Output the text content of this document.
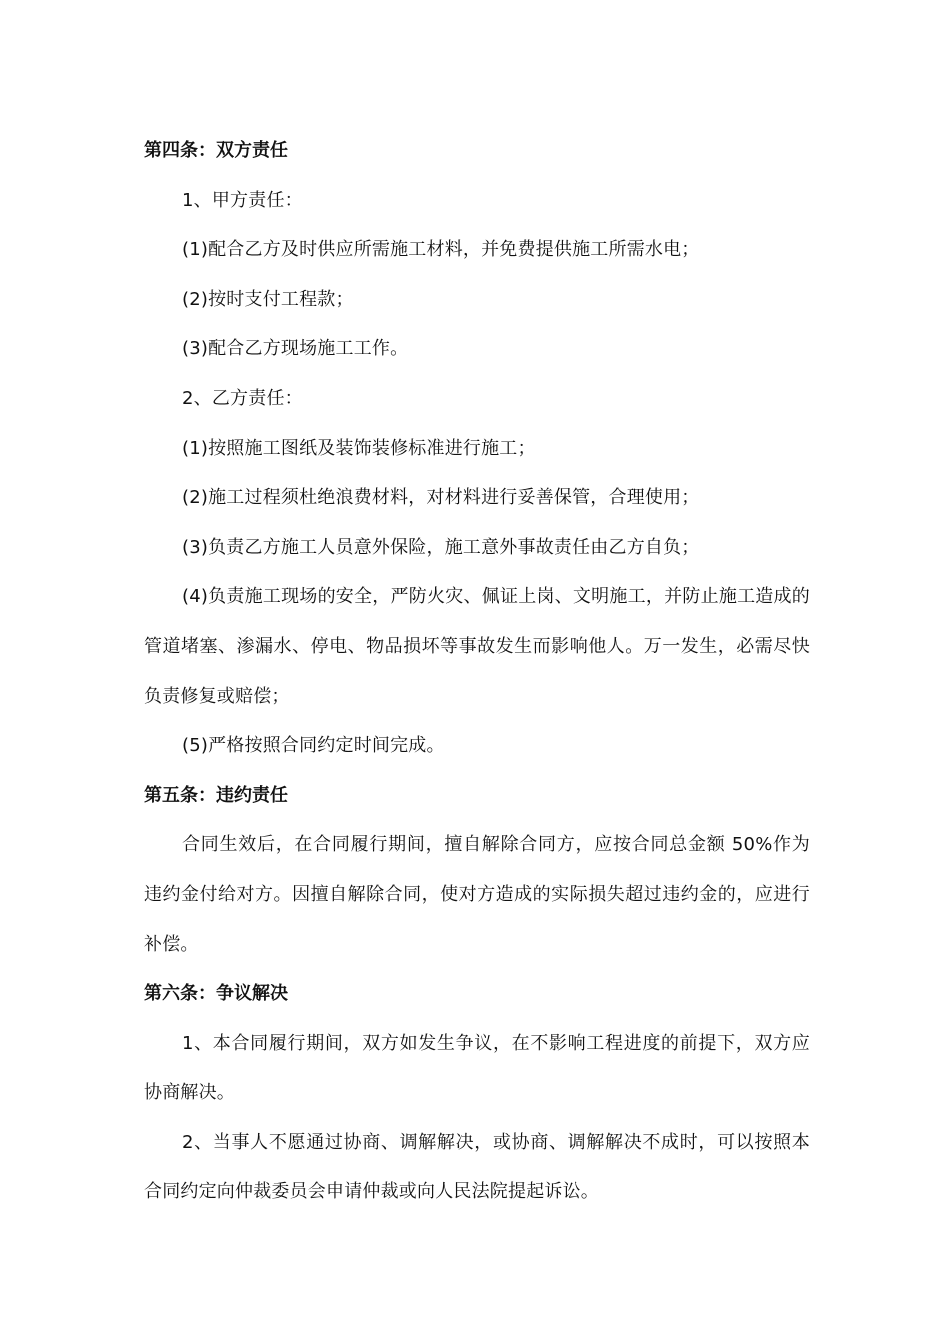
第四条：双方责任

1、甲方责任：

(1)配合乙方及时供应所需施工材料，并免费提供施工所需水电；

(2)按时支付工程款；

(3)配合乙方现场施工工作。

2、乙方责任：

(1)按照施工图纸及装饰装修标准进行施工；

(2)施工过程须杜绝浪费材料，对材料进行妥善保管，合理使用；

(3)负责乙方施工人员意外保险，施工意外事故责任由乙方自负；

(4)负责施工现场的安全，严防火灾、佩证上岗、文明施工，并防止施工造成的管道堵塞、渗漏水、停电、物品损坏等事故发生而影响他人。万一发生，必需尽快负责修复或赔偿；

(5)严格按照合同约定时间完成。

第五条：违约责任

合同生效后，在合同履行期间，擅自解除合同方，应按合同总金额 50%作为违约金付给对方。因擅自解除合同，使对方造成的实际损失超过违约金的，应进行补偿。

第六条：争议解决

1、本合同履行期间，双方如发生争议，在不影响工程进度的前提下，双方应协商解决。

2、当事人不愿通过协商、调解解决，或协商、调解解决不成时，可以按照本合同约定向仲裁委员会申请仲裁或向人民法院提起诉讼。
